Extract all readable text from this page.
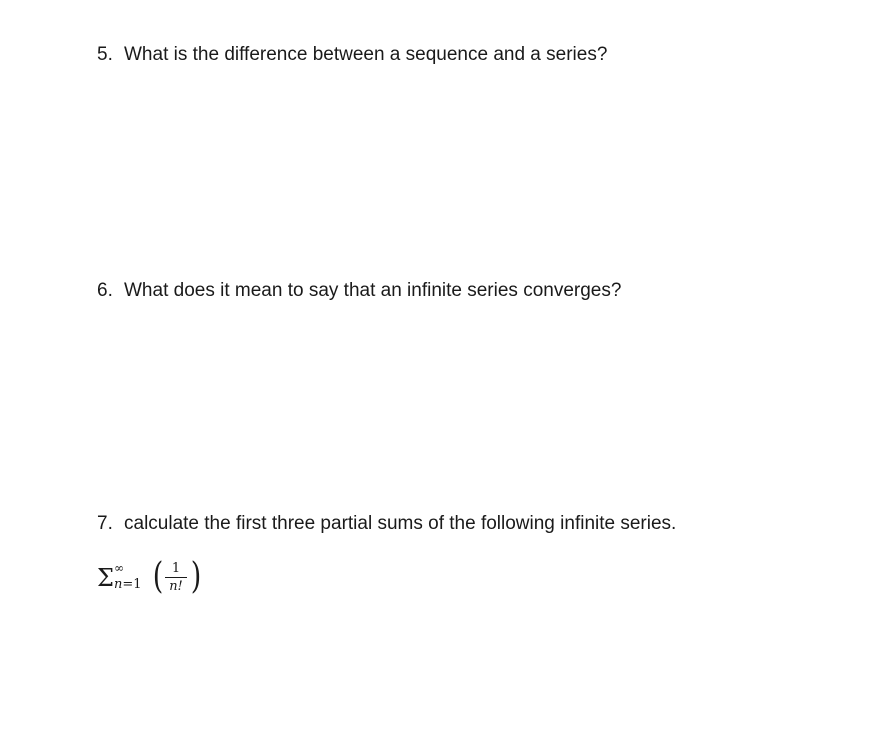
5. What is the difference between a sequence and a series?
6. What does it mean to say that an infinite series converges?
7. calculate the first three partial sums of the following infinite series.
Σ ∞
n=1 ( 1
n! )
